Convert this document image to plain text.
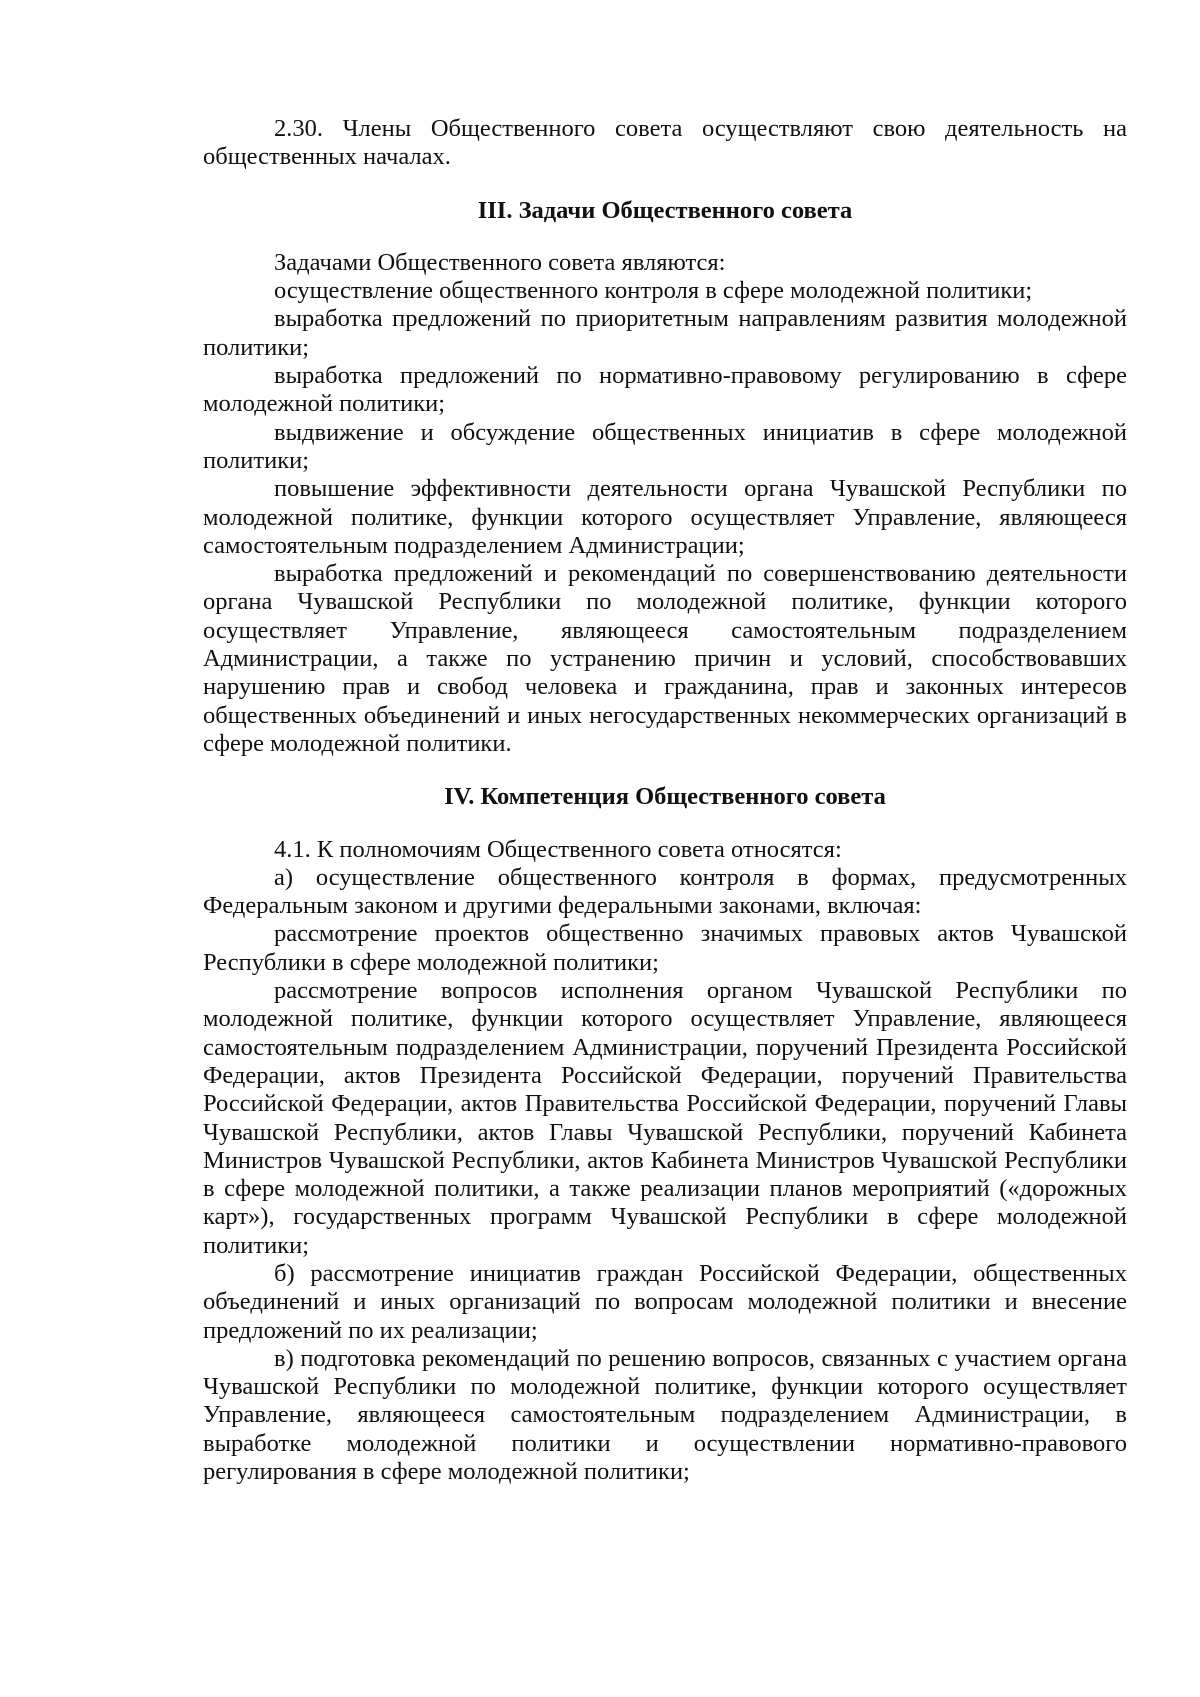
2.30. Члены Общественного совета осуществляют свою деятельность на общественных началах.

III. Задачи Общественного совета

Задачами Общественного совета являются:

осуществление общественного контроля в сфере молодежной политики;

выработка предложений по приоритетным направлениям развития молодежной политики;

выработка предложений по нормативно-правовому регулированию в сфере молодежной политики;

выдвижение и обсуждение общественных инициатив в сфере молодежной политики;

повышение эффективности деятельности органа Чувашской Республики по молодежной политике, функции которого осуществляет Управление, являющееся самостоятельным подразделением Администрации;

выработка предложений и рекомендаций по совершенствованию деятельности органа Чувашской Республики по молодежной политике, функции которого осуществляет Управление, являющееся самостоятельным подразделением Администрации, а также по устранению причин и условий, способствовавших нарушению прав и свобод человека и гражданина, прав и законных интересов общественных объединений и иных негосударственных некоммерческих организаций в сфере молодежной политики.

IV. Компетенция Общественного совета

4.1. К полномочиям Общественного совета относятся:

а) осуществление общественного контроля в формах, предусмотренных Федеральным законом и другими федеральными законами, включая:

рассмотрение проектов общественно значимых правовых актов Чувашской Республики в сфере молодежной политики;

рассмотрение вопросов исполнения органом Чувашской Республики по молодежной политике, функции которого осуществляет Управление, являющееся самостоятельным подразделением Администрации, поручений Президента Российской Федерации, актов Президента Российской Федерации, поручений Правительства Российской Федерации, актов Правительства Российской Федерации, поручений Главы Чувашской Республики, актов Главы Чувашской Республики, поручений Кабинета Министров Чувашской Республики, актов Кабинета Министров Чувашской Республики в сфере молодежной политики, а также реализации планов мероприятий («дорожных карт»), государственных программ Чувашской Республики в сфере молодежной политики;

б) рассмотрение инициатив граждан Российской Федерации, общественных объединений и иных организаций по вопросам молодежной политики и внесение предложений по их реализации;

в) подготовка рекомендаций по решению вопросов, связанных с участием органа Чувашской Республики по молодежной политике, функции которого осуществляет Управление, являющееся самостоятельным подразделением Администрации, в выработке молодежной политики и осуществлении нормативно-правового регулирования в сфере молодежной политики;
